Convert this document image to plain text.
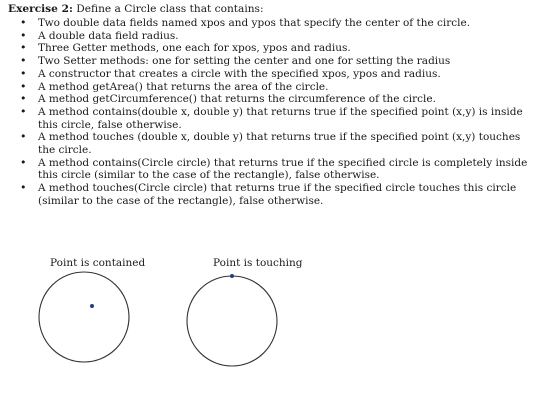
Exercise 2: Define a Circle class that contains:
• Two double data fields named xpos and ypos that specify the center of the circle.
• A double data field radius.
• Three Getter methods, one each for xpos, ypos and radius.
• Two Setter methods: one for setting the center and one for setting the radius
• A constructor that creates a circle with the specified xpos, ypos and radius.
• A method getArea() that returns the area of the circle.
• A method getCircumference() that returns the circumference of the circle.
• A method contains(double x, double y) that returns true if the specified point (x,y) is inside this circle, false otherwise.
• A method touches (double x, double y) that returns true if the specified point (x,y) touches the circle.
• A method contains(Circle circle) that returns true if the specified circle is completely inside this circle (similar to the case of the rectangle), false otherwise.
• A method touches(Circle circle) that returns true if the specified circle touches this circle (similar to the case of the rectangle), false otherwise.
Point is contained	Point is touching
